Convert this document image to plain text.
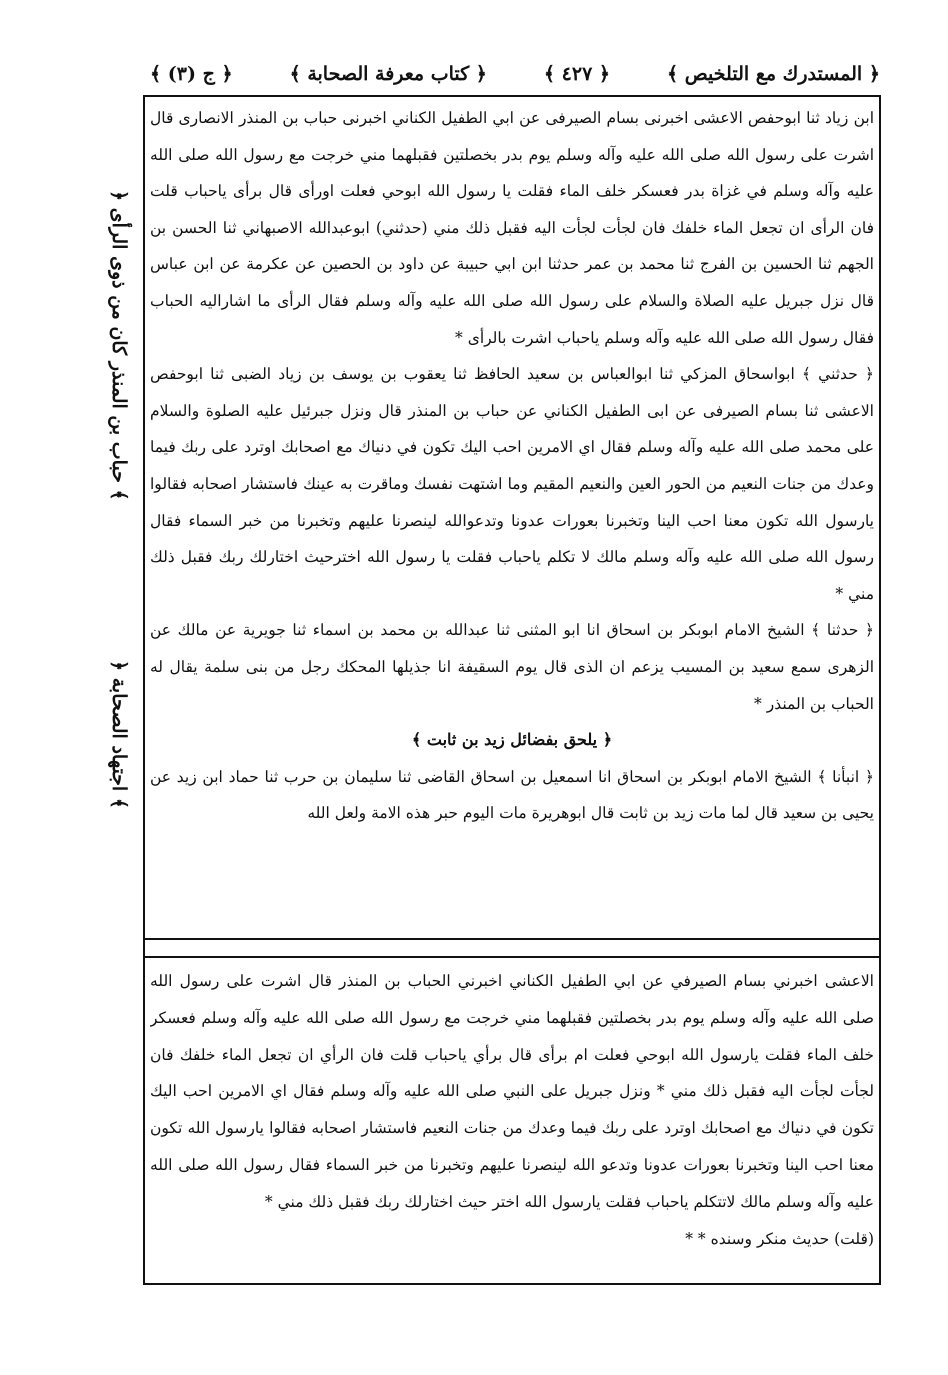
﴿ ج (٣) ﴾	﴿ كتاب معرفة الصحابة ﴾	﴿ ٤٢٧ ﴾	﴿ المستدرك مع التلخيص ﴾
﴿ حباب بن المنذر كان من ذوى الرأى ﴾
﴿ اجتهاد الصحابة ﴾

ابن زياد ثنا ابوحفص الاعشى اخبرنى بسام الصيرفى عن ابي الطفيل الكناني اخبرنى حباب بن المنذر الانصارى قال اشرت على رسول الله صلى الله عليه وآله وسلم يوم بدر بخصلتين فقبلهما مني خرجت مع رسول الله صلى الله عليه وآله وسلم في غزاة بدر فعسكر خلف الماء فقلت يا رسول الله ابوحي فعلت اورأى قال برأى ياحباب قلت فان الرأى ان تجعل الماء خلفك فان لجأت لجأت اليه فقبل ذلك مني (حدثني) ابوعبدالله الاصبهاني ثنا الحسن بن الجهم ثنا الحسين بن الفرج ثنا محمد بن عمر حدثنا ابن ابي حبيبة عن داود بن الحصين عن عكرمة عن ابن عباس قال نزل جبريل عليه الصلاة والسلام على رسول الله صلى الله عليه وآله وسلم فقال الرأى ما اشاراليه الحباب فقال رسول الله صلى الله عليه وآله وسلم ياحباب اشرت بالرأى *

﴿ حدثني ﴾ ابواسحاق المزكي ثنا ابوالعباس بن سعيد الحافظ ثنا يعقوب بن يوسف بن زياد الضبى ثنا ابوحفص الاعشى ثنا بسام الصيرفى عن ابى الطفيل الكناني عن حباب بن المنذر قال ونزل جبرئيل عليه الصلوة والسلام على محمد صلى الله عليه وآله وسلم فقال اي الامرين احب اليك تكون في دنياك مع اصحابك اوترد على ربك فيما وعدك من جنات النعيم من الحور العين والنعيم المقيم وما اشتهت نفسك وماقرت به عينك فاستشار اصحابه فقالوا يارسول الله تكون معنا احب الينا وتخبرنا بعورات عدونا وتدعوالله لينصرنا عليهم وتخبرنا من خبر السماء فقال رسول الله صلى الله عليه وآله وسلم مالك لا تكلم ياحباب فقلت يا رسول الله اخترحيث اختارلك ربك فقبل ذلك مني *

﴿ حدثنا ﴾ الشيخ الامام ابوبكر بن اسحاق انا ابو المثنى ثنا عبدالله بن محمد بن اسماء ثنا جويرية عن مالك عن الزهرى سمع سعيد بن المسيب يزعم ان الذى قال يوم السقيفة انا جذيلها المحكك رجل من بنى سلمة يقال له الحباب بن المنذر *

﴿ يلحق بفضائل زيد بن ثابت ﴾

﴿ انبأنا ﴾ الشيخ الامام ابوبكر بن اسحاق انا اسمعيل بن اسحاق القاضى ثنا سليمان بن حرب ثنا حماد ابن زيد عن يحيى بن سعيد قال لما مات زيد بن ثابت قال ابوهريرة مات اليوم حبر هذه الامة ولعل الله

الاعشى اخبرني بسام الصيرفي عن ابي الطفيل الكناني اخبرني الحباب بن المنذر قال اشرت على رسول الله صلى الله عليه وآله وسلم يوم بدر بخصلتين فقبلهما مني خرجت مع رسول الله صلى الله عليه وآله وسلم فعسكر خلف الماء فقلت يارسول الله ابوحي فعلت ام برأى قال برأي ياحباب قلت فان الرأي ان تجعل الماء خلفك فان لجأت لجأت اليه فقبل ذلك مني * ونزل جبريل على النبي صلى الله عليه وآله وسلم فقال اي الامرين احب اليك تكون في دنياك مع اصحابك اوترد على ربك فيما وعدك من جنات النعيم فاستشار اصحابه فقالوا يارسول الله تكون معنا احب الينا وتخبرنا بعورات عدونا وتدعو الله لينصرنا عليهم وتخبرنا من خبر السماء فقال رسول الله صلى الله عليه وآله وسلم مالك لاتتكلم ياحباب فقلت يارسول الله اختر حيث اختارلك ربك فقبل ذلك مني *

(قلت) حديث منكر وسنده * *
